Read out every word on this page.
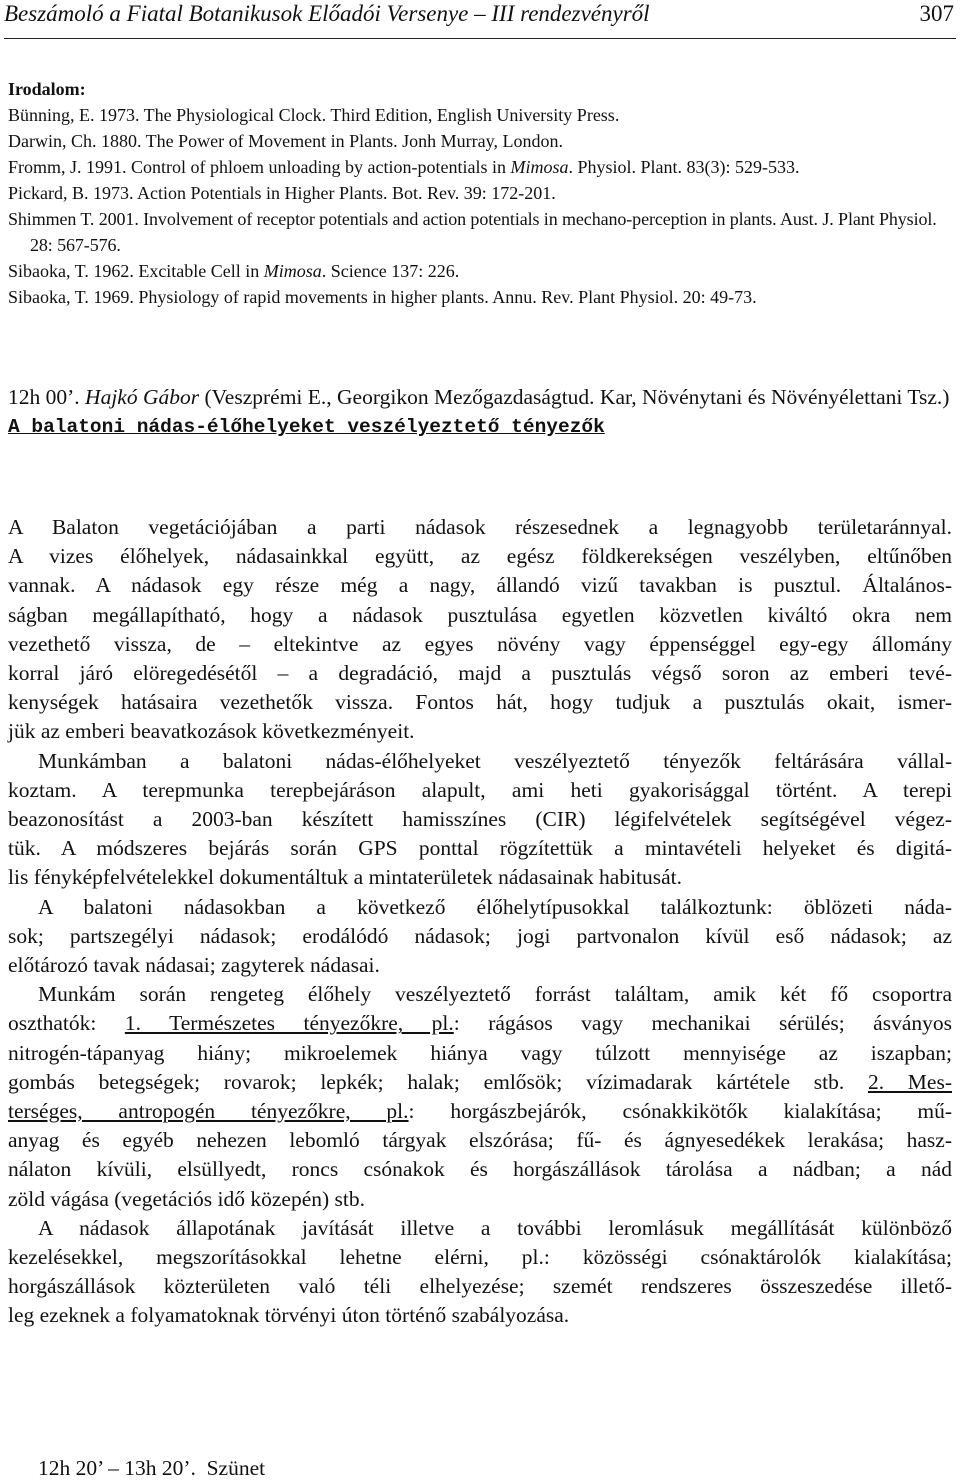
Beszámoló a Fiatal Botanikusok Előadói Versenye – III rendezvényről	307
Irodalom:
Bünning, E. 1973. The Physiological Clock. Third Edition, English University Press.
Darwin, Ch. 1880. The Power of Movement in Plants. Jonh Murray, London.
Fromm, J. 1991. Control of phloem unloading by action-potentials in Mimosa. Physiol. Plant. 83(3): 529-533.
Pickard, B. 1973. Action Potentials in Higher Plants. Bot. Rev. 39: 172-201.
Shimmen T. 2001. Involvement of receptor potentials and action potentials in mechano-perception in plants. Aust. J. Plant Physiol. 28: 567-576.
Sibaoka, T. 1962. Excitable Cell in Mimosa. Science 137: 226.
Sibaoka, T. 1969. Physiology of rapid movements in higher plants. Annu. Rev. Plant Physiol. 20: 49-73.
12h 00’. Hajkó Gábor (Veszprémi E., Georgikon Mezőgazdaságtud. Kar, Növénytani és Növényélettani Tsz.)
A balatoni nádas-élőhelyeket veszélyeztető tényezők

A Balaton vegetációjában a parti nádasok részesednek a legnagyobb területaránnyal.
A vizes élőhelyek, nádasainkkal együtt, az egész földkerekségen veszélyben, eltűnőben
vannak. A nádasok egy része még a nagy, állandó vizű tavakban is pusztul. Általános-
ságban megállapítható, hogy a nádasok pusztulása egyetlen közvetlen kiváltó okra nem
vezethető vissza, de – eltekintve az egyes növény vagy éppenséggel egy-egy állomány
korral járó elöregedésétől – a degradáció, majd a pusztulás végső soron az emberi tevé-
kenységek hatásaira vezethetők vissza. Fontos hát, hogy tudjuk a pusztulás okait, ismer-
jük az emberi beavatkozások következményeit.

Munkámban a balatoni nádas-élőhelyeket veszélyeztető tényezők feltárására vállal-
koztam. A terepmunka terepbejáráson alapult, ami heti gyakorisággal történt. A terepi
beazonosítást a 2003-ban készített hamisszínes (CIR) légifelvételek segítségével végez-
tük. A módszeres bejárás során GPS ponttal rögzítettük a mintavételi helyeket és digitá-
lis fényképfelvételekkel dokumentáltuk a mintaterületek nádasainak habitusát.

A balatoni nádasokban a következő élőhelytípusokkal találkoztunk: öblözeti náda-
sok; partszegélyi nádasok; erodálódó nádasok; jogi partvonalon kívül eső nádasok; az
előtározó tavak nádasai; zagyterek nádasai.

Munkám során rengeteg élőhely veszélyeztető forrást találtam, amik két fő csoportra
oszthatók: 1. Természetes tényezőkre, pl.: rágásos vagy mechanikai sérülés; ásványos
nitrogén-tápanyag hiány; mikroelemek hiánya vagy túlzott mennyisége az iszapban;
gombás betegségek; rovarok; lepkék; halak; emlősök; vízimadarak kártétele stb. 2. Mes-
terséges, antropogén tényezőkre, pl.: horgászbejárók, csónakkikötők kialakítása; mű-
anyag és egyéb nehezen lebomló tárgyak elszórása; fű- és ágnyesedékek lerakása; hasz-
nálaton kívüli, elsüllyedt, roncs csónakok és horgászállások tárolása a nádban; a nád
zöld vágása (vegetációs idő közepén) stb.

A nádasok állapotának javítását illetve a további leromlásuk megállítását különböző
kezelésekkel, megszorításokkal lehetne elérni, pl.: közösségi csónaktárolók kialakítása;
horgászállások közterületen való téli elhelyezése; szemét rendszeres összeszedése illető-
leg ezeknek a folyamatoknak törvényi úton történő szabályozása.

12h 20’ – 13h 20’.  Szünet
